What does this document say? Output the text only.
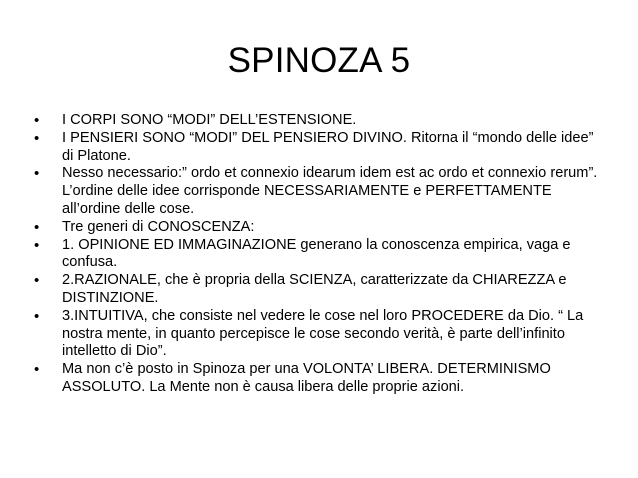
SPINOZA 5
•	I CORPI SONO “MODI” DELL’ESTENSIONE.
•	I PENSIERI SONO “MODI” DEL PENSIERO DIVINO. Ritorna il “mondo delle idee” di Platone.
•	Nesso necessario:” ordo et connexio idearum idem est ac ordo et connexio rerum”. L’ordine delle idee corrisponde NECESSARIAMENTE e PERFETTAMENTE all’ordine delle cose.
•	Tre generi di CONOSCENZA:
•	1. OPINIONE ED IMMAGINAZIONE generano la conoscenza empirica, vaga e confusa.
•	2.RAZIONALE, che è propria della SCIENZA, caratterizzate da CHIAREZZA e DISTINZIONE.
•	3.INTUITIVA, che consiste nel vedere le cose nel loro PROCEDERE da Dio. “ La nostra mente, in quanto percepisce le cose secondo verità, è parte dell’infinito intelletto di Dio”.
•	Ma non c’è posto in Spinoza per una VOLONTA’ LIBERA. DETERMINISMO ASSOLUTO. La Mente non è causa libera delle proprie azioni.
